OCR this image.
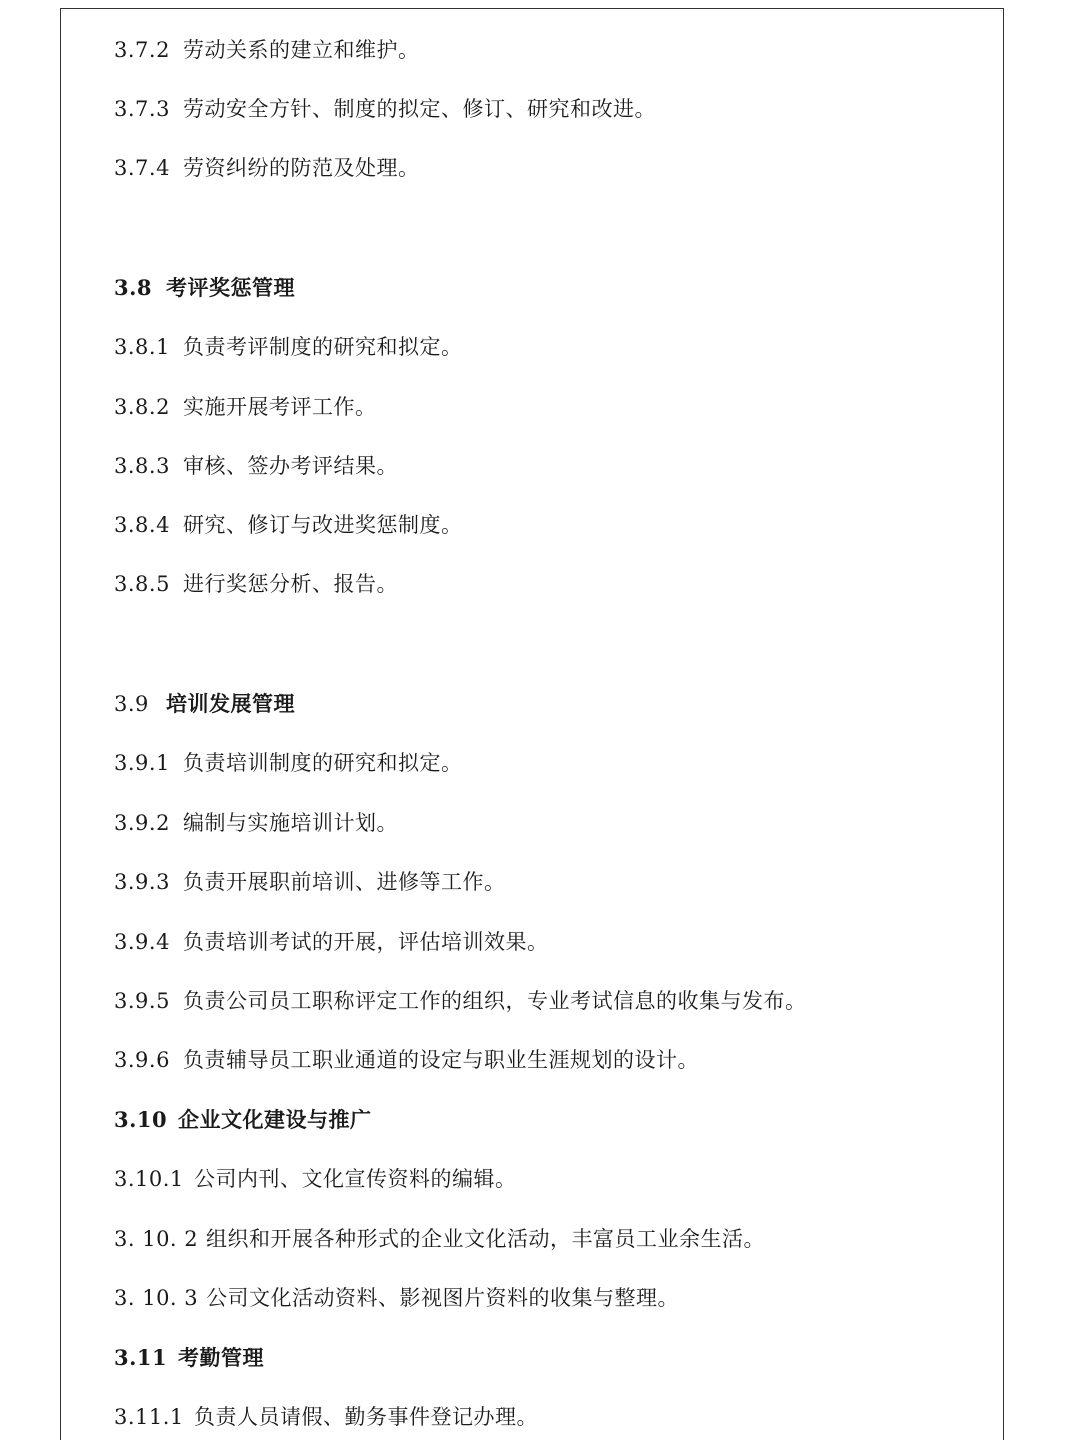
3.7.2 劳动关系的建立和维护。
3.7.3 劳动安全方针、制度的拟定、修订、研究和改进。
3.7.4 劳资纠纷的防范及处理。
3.8 考评奖惩管理
3.8.1 负责考评制度的研究和拟定。
3.8.2 实施开展考评工作。
3.8.3 审核、签办考评结果。
3.8.4 研究、修订与改进奖惩制度。
3.8.5 进行奖惩分析、报告。
3.9 培训发展管理
3.9.1 负责培训制度的研究和拟定。
3.9.2 编制与实施培训计划。
3.9.3 负责开展职前培训、进修等工作。
3.9.4 负责培训考试的开展，评估培训效果。
3.9.5 负责公司员工职称评定工作的组织，专业考试信息的收集与发布。
3.9.6 负责辅导员工职业通道的设定与职业生涯规划的设计。
3.10 企业文化建设与推广
3.10.1 公司内刊、文化宣传资料的编辑。
3. 10. 2 组织和开展各种形式的企业文化活动，丰富员工业余生活。
3. 10. 3 公司文化活动资料、影视图片资料的收集与整理。
3.11 考勤管理
3.11.1 负责人员请假、勤务事件登记办理。
